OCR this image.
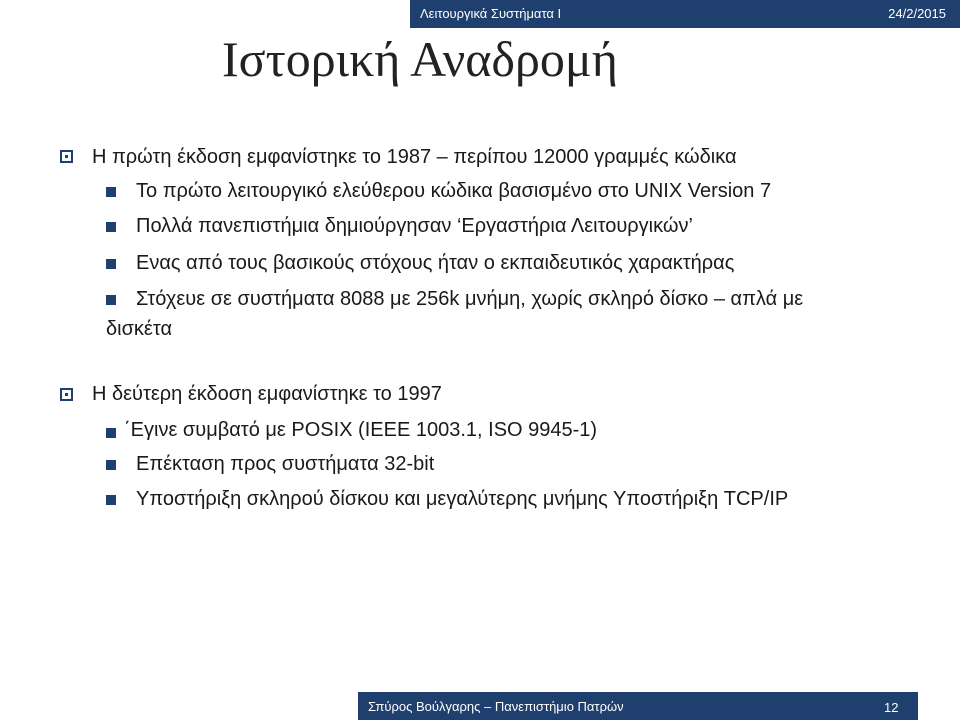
Λειτουργικά Συστήματα Ι	24/2/2015
Ιστορική Αναδρομή
Η πρώτη έκδοση εμφανίστηκε το 1987 – περίπου 12000 γραμμές κώδικα
Το πρώτο λειτουργικό ελεύθερου κώδικα βασισμένο στο UNIX Version 7
Πολλά πανεπιστήμια δημιούργησαν ‘Εργαστήρια Λειτουργικών’
Ενας από τους βασικούς στόχους ήταν ο εκπαιδευτικός χαρακτήρας
Στόχευε σε συστήματα 8088 με 256k μνήμη, χωρίς σκληρό δίσκο – απλά με
δισκέτα
Η δεύτερη έκδοση εμφανίστηκε το 1997
΄Εγινε συμβατό με POSIX (IEEE 1003.1, ISO 9945-1)
Επέκταση προς συστήματα 32-bit
Υποστήριξη σκληρού δίσκου και μεγαλύτερης μνήμης Υποστήριξη TCP/IP
Σπύρος Βούλγαρης – Πανεπιστήμιο Πατρών	12
